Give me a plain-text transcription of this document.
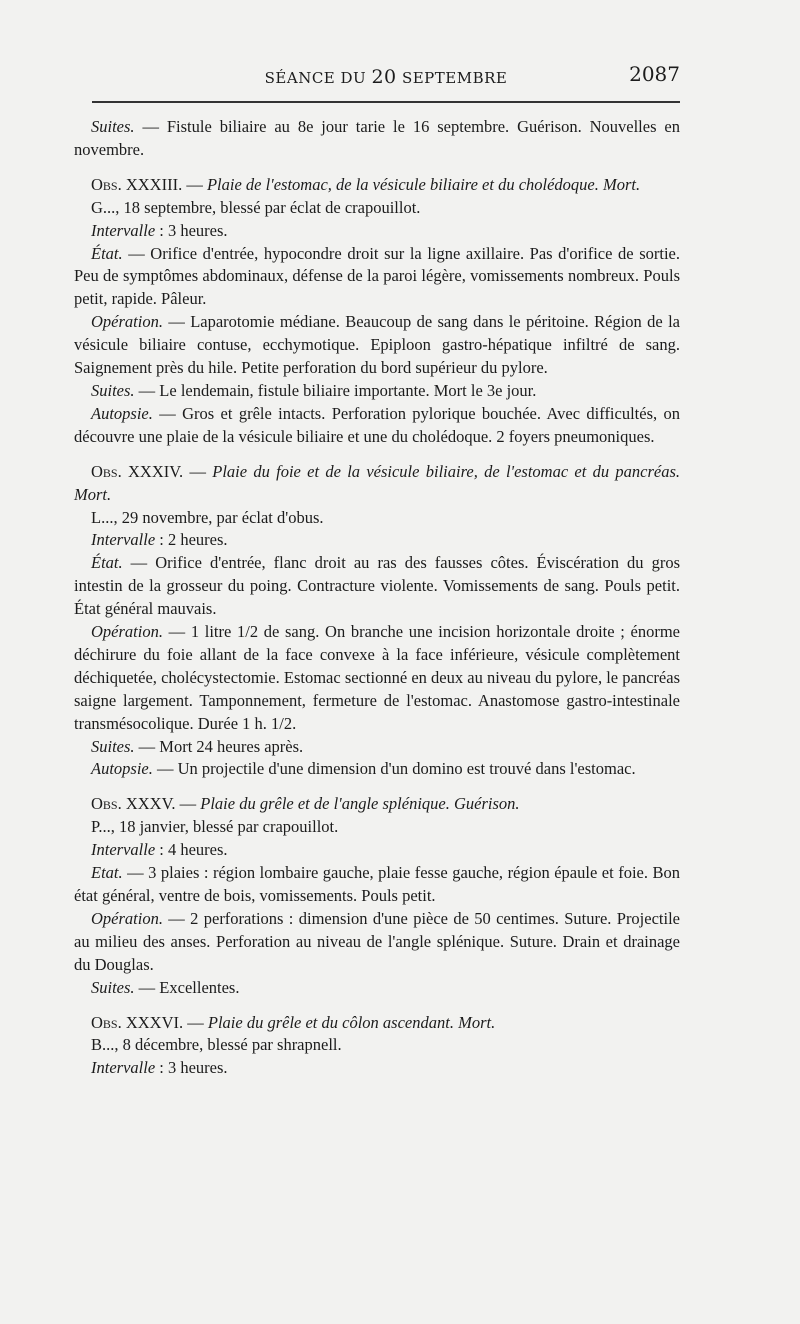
SÉANCE DU 20 SEPTEMBRE	2087

Suites. — Fistule biliaire au 8e jour tarie le 16 septembre. Guérison. Nouvelles en novembre.

Obs. XXXIII. — Plaie de l'estomac, de la vésicule biliaire et du cholédoque. Mort.

G..., 18 septembre, blessé par éclat de crapouillot.

Intervalle : 3 heures.

État. — Orifice d'entrée, hypocondre droit sur la ligne axillaire. Pas d'orifice de sortie. Peu de symptômes abdominaux, défense de la paroi légère, vomissements nombreux. Pouls petit, rapide. Pâleur.

Opération. — Laparotomie médiane. Beaucoup de sang dans le péritoine. Région de la vésicule biliaire contuse, ecchymotique. Epiploon gastro-hépatique infiltré de sang. Saignement près du hile. Petite perforation du bord supérieur du pylore.

Suites. — Le lendemain, fistule biliaire importante. Mort le 3e jour.

Autopsie. — Gros et grêle intacts. Perforation pylorique bouchée. Avec difficultés, on découvre une plaie de la vésicule biliaire et une du cholédoque. 2 foyers pneumoniques.

Obs. XXXIV. — Plaie du foie et de la vésicule biliaire, de l'estomac et du pancréas. Mort.

L..., 29 novembre, par éclat d'obus.

Intervalle : 2 heures.

État. — Orifice d'entrée, flanc droit au ras des fausses côtes. Éviscération du gros intestin de la grosseur du poing. Contracture violente. Vomissements de sang. Pouls petit. État général mauvais.

Opération. — 1 litre 1/2 de sang. On branche une incision horizontale droite ; énorme déchirure du foie allant de la face convexe à la face inférieure, vésicule complètement déchiquetée, cholécystectomie. Estomac sectionné en deux au niveau du pylore, le pancréas saigne largement. Tamponnement, fermeture de l'estomac. Anastomose gastro-intestinale transmésocolique. Durée 1 h. 1/2.

Suites. — Mort 24 heures après.

Autopsie. — Un projectile d'une dimension d'un domino est trouvé dans l'estomac.

Obs. XXXV. — Plaie du grêle et de l'angle splénique. Guérison.

P..., 18 janvier, blessé par crapouillot.

Intervalle : 4 heures.

Etat. — 3 plaies : région lombaire gauche, plaie fesse gauche, région épaule et foie. Bon état général, ventre de bois, vomissements. Pouls petit.

Opération. — 2 perforations : dimension d'une pièce de 50 centimes. Suture. Projectile au milieu des anses. Perforation au niveau de l'angle splénique. Suture. Drain et drainage du Douglas.

Suites. — Excellentes.

Obs. XXXVI. — Plaie du grêle et du côlon ascendant. Mort.

B..., 8 décembre, blessé par shrapnell.

Intervalle : 3 heures.
